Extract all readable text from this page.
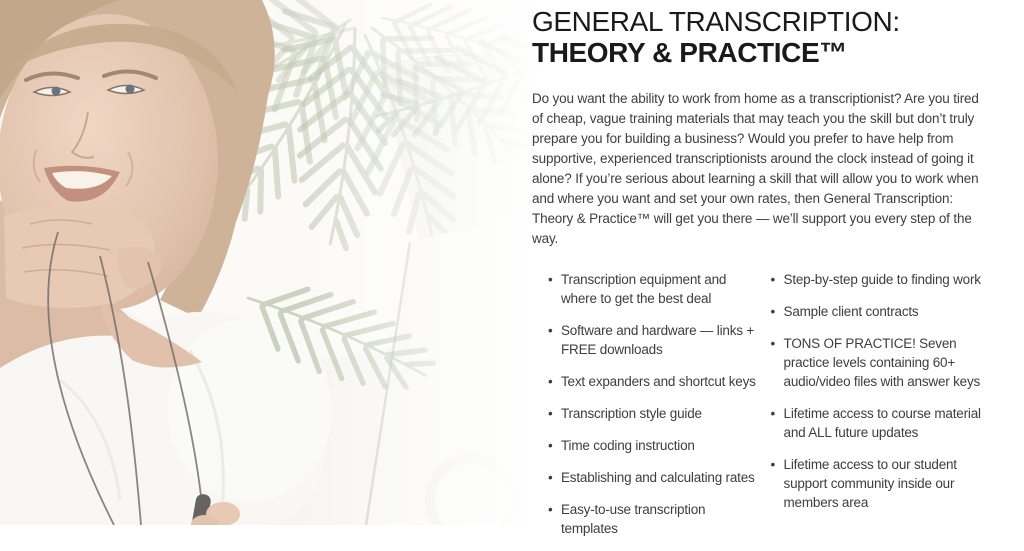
GENERAL TRANSCRIPTION:
THEORY & PRACTICE™

Do you want the ability to work from home as a transcriptionist? Are you tired of cheap, vague training materials that may teach you the skill but don’t truly prepare you for building a business? Would you prefer to have help from supportive, experienced transcriptionists around the clock instead of going it alone? If you’re serious about learning a skill that will allow you to work when and where you want and set your own rates, then General Transcription: Theory & Practice™ will get you there — we’ll support you every step of the way.

• Transcription equipment and where to get the best deal
• Software and hardware — links + FREE downloads
• Text expanders and shortcut keys
• Transcription style guide
• Time coding instruction
• Establishing and calculating rates
• Easy-to-use transcription templates
• Step-by-step guide to finding work
• Sample client contracts
• TONS OF PRACTICE! Seven practice levels containing 60+ audio/video files with answer keys
• Lifetime access to course material and ALL future updates
• Lifetime access to our student support community inside our members area
